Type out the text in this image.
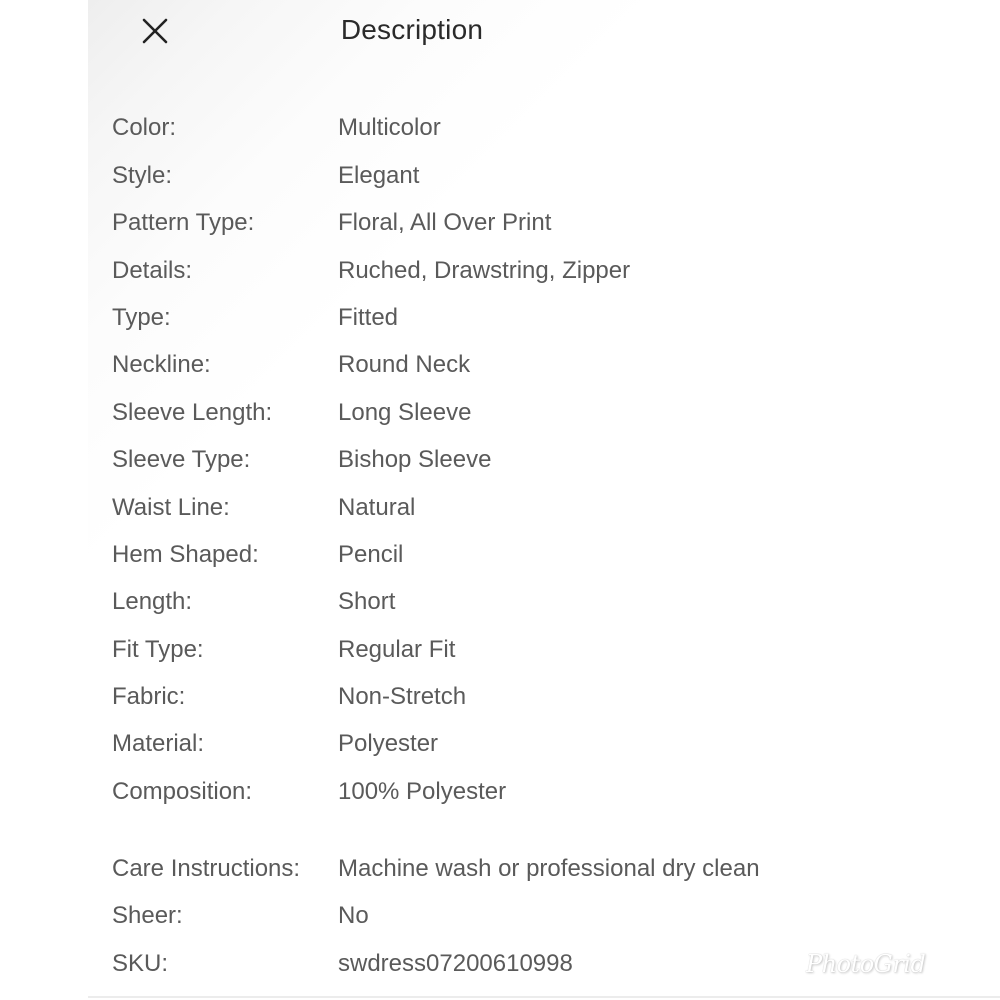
Description
Color:	Multicolor
Style:	Elegant
Pattern Type:	Floral, All Over Print
Details:	Ruched, Drawstring, Zipper
Type:	Fitted
Neckline:	Round Neck
Sleeve Length:	Long Sleeve
Sleeve Type:	Bishop Sleeve
Waist Line:	Natural
Hem Shaped:	Pencil
Length:	Short
Fit Type:	Regular Fit
Fabric:	Non-Stretch
Material:	Polyester
Composition:	100% Polyester
Care Instructions:	Machine wash or professional dry clean
Sheer:	No
SKU:	swdress07200610998	PhotoGrid
